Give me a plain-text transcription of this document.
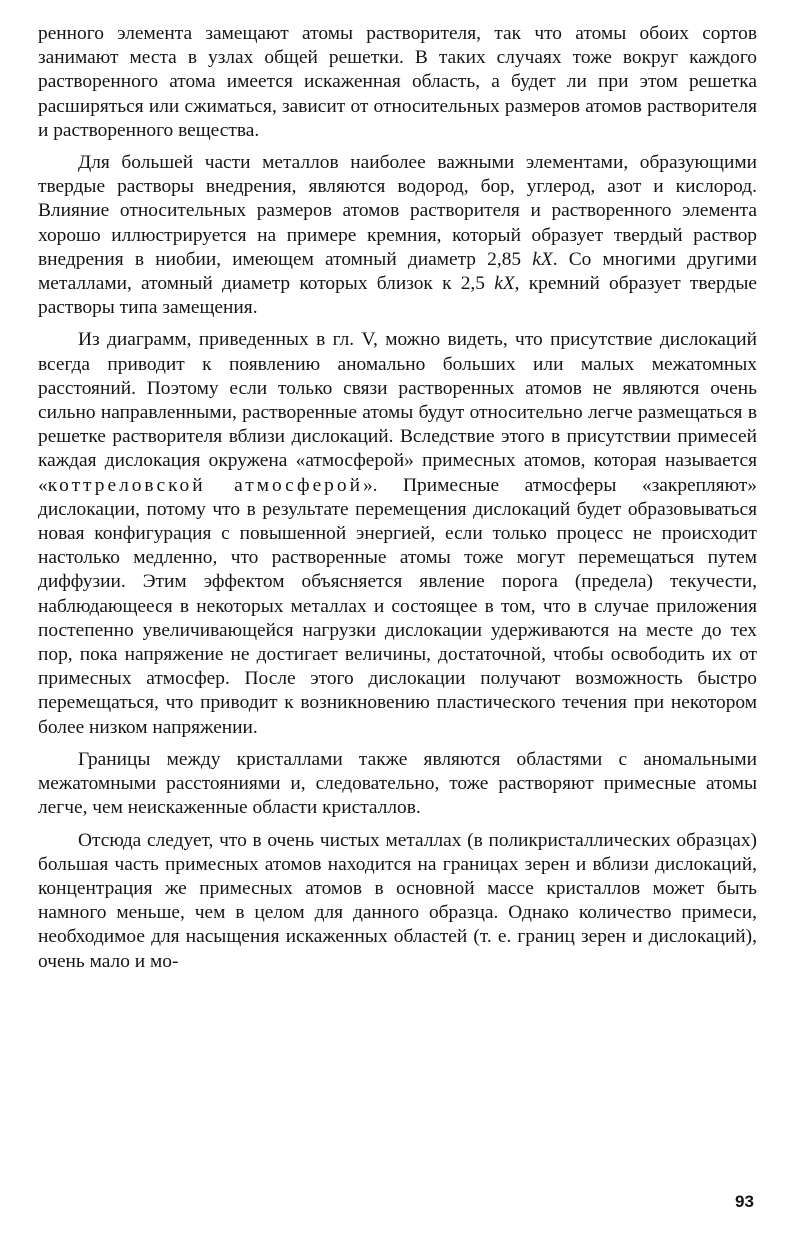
ренного элемента замещают атомы растворителя, так что атомы обоих сортов занимают места в узлах общей решетки. В таких случаях тоже вокруг каждого растворенного атома имеется искаженная область, а будет ли при этом решетка расширяться или сжиматься, зависит от относительных размеров атомов растворителя и растворенного вещества.

Для большей части металлов наиболее важными элементами, образующими твердые растворы внедрения, являются водород, бор, углерод, азот и кислород. Влияние относительных размеров атомов растворителя и растворенного элемента хорошо иллюстрируется на примере кремния, который образует твердый раствор внедрения в ниобии, имеющем атомный диаметр 2,85 kX. Со многими другими металлами, атомный диаметр которых близок к 2,5 kX, кремний образует твердые растворы типа замещения.

Из диаграмм, приведенных в гл. V, можно видеть, что присутствие дислокаций всегда приводит к появлению аномально больших или малых межатомных расстояний. Поэтому если только связи растворенных атомов не являются очень сильно направленными, растворенные атомы будут относительно легче размещаться в решетке растворителя вблизи дислокаций. Вследствие этого в присутствии примесей каждая дислокация окружена «атмосферой» примесных атомов, которая называется «коттреловской атмосферой». Примесные атмосферы «закрепляют» дислокации, потому что в результате перемещения дислокаций будет образовываться новая конфигурация с повышенной энергией, если только процесс не происходит настолько медленно, что растворенные атомы тоже могут перемещаться путем диффузии. Этим эффектом объясняется явление порога (предела) текучести, наблюдающееся в некоторых металлах и состоящее в том, что в случае приложения постепенно увеличивающейся нагрузки дислокации удерживаются на месте до тех пор, пока напряжение не достигает величины, достаточной, чтобы освободить их от примесных атмосфер. После этого дислокации получают возможность быстро перемещаться, что приводит к возникновению пластического течения при некотором более низком напряжении.

Границы между кристаллами также являются областями с аномальными межатомными расстояниями и, следовательно, тоже растворяют примесные атомы легче, чем неискаженные области кристаллов.

Отсюда следует, что в очень чистых металлах (в поликристаллических образцах) большая часть примесных атомов находится на границах зерен и вблизи дислокаций, концентрация же примесных атомов в основной массе кристаллов может быть намного меньше, чем в целом для данного образца. Однако количество примеси, необходимое для насыщения искаженных областей (т. е. границ зерен и дислокаций), очень мало и мо-

93
